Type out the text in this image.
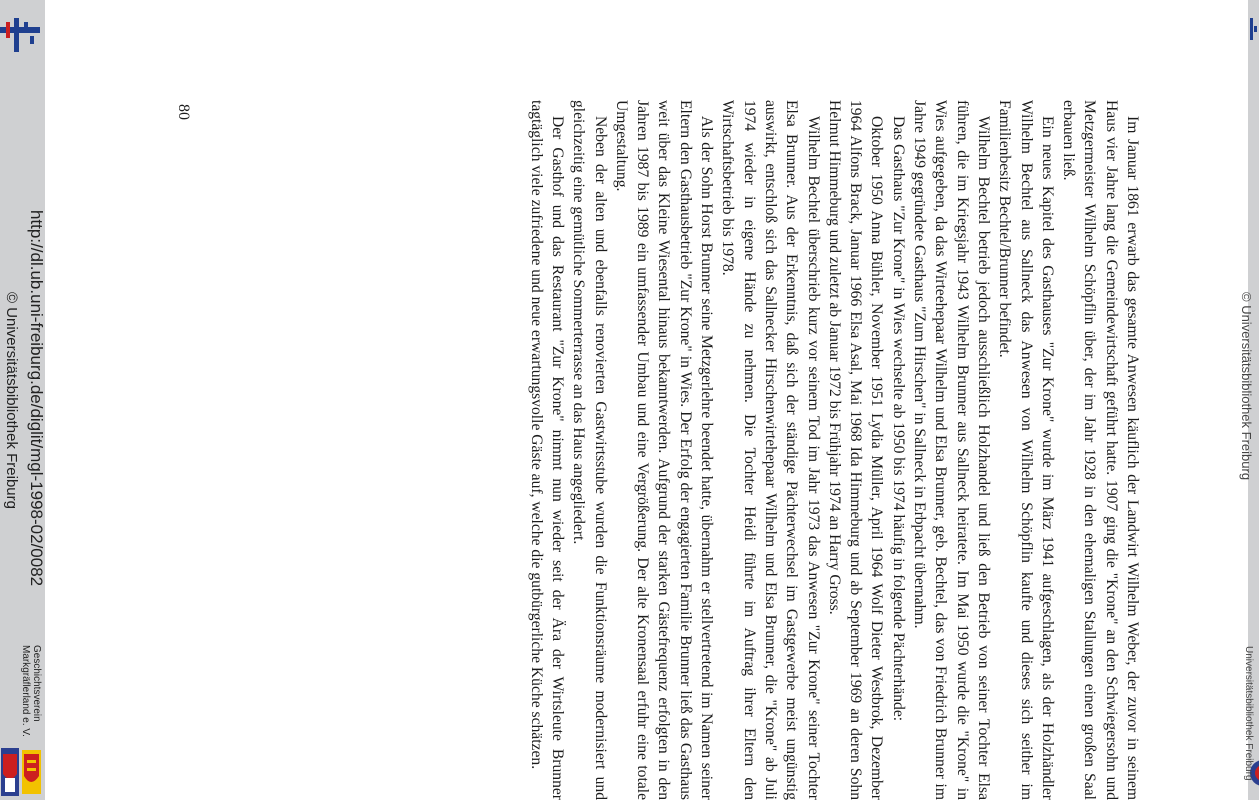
Im Januar 1861 erwarb das gesamte Anwesen käuflich der Landwirt Wilhelm Weber, der zuvor in seinem Haus vier Jahre lang die Gemeindewirtschaft geführt hatte. 1907 ging die "Krone" an den Schwiegersohn und Metzgermeister Wilhelm Schöpflin über, der im Jahr 1928 in den ehemaligen Stallungen einen großen Saal erbauen ließ.

Ein neues Kapitel des Gasthauses "Zur Krone" wurde im März 1941 aufgeschlagen, als der Holzhändler Wilhelm Bechtel aus Sallneck das Anwesen von Wilhelm Schöpflin kaufte und dieses sich seither im Familienbesitz Bechtel/Brunner befindet.

Wilhelm Bechtel betrieb jedoch ausschließlich Holzhandel und ließ den Betrieb von seiner Tochter Elsa führen, die im Kriegsjahr 1943 Wilhelm Brunner aus Sallneck heiratete. Im Mai 1950 wurde die "Krone" in Wies aufgegeben, da das Wirteehepaar Wilhelm und Elsa Brunner, geb. Bechtel, das von Friedrich Brunner im Jahre 1949 gegründete Gasthaus "Zum Hirschen" in Sallneck in Erbpacht übernahm.

Das Gasthaus "Zur Krone" in Wies wechselte ab 1950 bis 1974 häufig in folgende Pächterhände:

Oktober 1950 Anna Bühler, November 1951 Lydia Müller, April 1964 Wolf Dieter Westbrok, Dezember 1964 Alfons Brack, Januar 1966 Elsa Asal, Mai 1968 Ida Himmeburg und ab September 1969 an deren Sohn Helmut Himmeburg und zuletzt ab Januar 1972 bis Frühjahr 1974 an Harry Gross.

Wilhelm Bechtel überschrieb kurz vor seinem Tod im Jahr 1973 das Anwesen "Zur Krone" seiner Tochter Elsa Brunner. Aus der Erkenntnis, daß sich der ständige Pächterwechsel im Gastgewerbe meist ungünstig auswirkt, entschloß sich das Sallnecker Hirschenwirtehepaar Wilhelm und Elsa Brunner, die "Krone" ab Juli 1974 wieder in eigene Hände zu nehmen. Die Tochter Heidi führte im Auftrag ihrer Eltern den Wirtschaftsbetrieb bis 1978.

Als der Sohn Horst Brunner seine Metzgerlehre beendet hatte, übernahm er stellvertretend im Namen seiner Eltern den Gasthausbetrieb "Zur Krone" in Wies. Der Erfolg der engagierten Familie Brunner ließ das Gasthaus weit über das Kleine Wiesental hinaus bekanntwerden. Aufgrund der starken Gästefrequenz erfolgten in den Jahren 1987 bis 1989 ein umfassender Umbau und eine Vergrößerung. Der alte Kronensaal erfuhr eine totale Umgestaltung.

Neben der alten und ebenfalls renovierten Gastwirtsstube wurden die Funktionsräume modernisiert und gleichzeitig eine gemütliche Sommerterrasse an das Haus angegliedert.

Der Gasthof und das Restaurant "Zur Krone" nimmt nun wieder seit der Ära der Wirtsleute Brunner tagtäglich viele zufriedene und neue erwartungsvolle Gäste auf, welche die gutbürgerliche Küche schätzen.

80
http://dl.ub.uni-freiburg.de/diglit/mgl-1998-02/0082
© Universitätsbibliothek Freiburg
Geschichtsverein
Markgräflerland e. V.
© Universitätsbibliothek Freiburg
Universitätsbibliothek Freiburg
